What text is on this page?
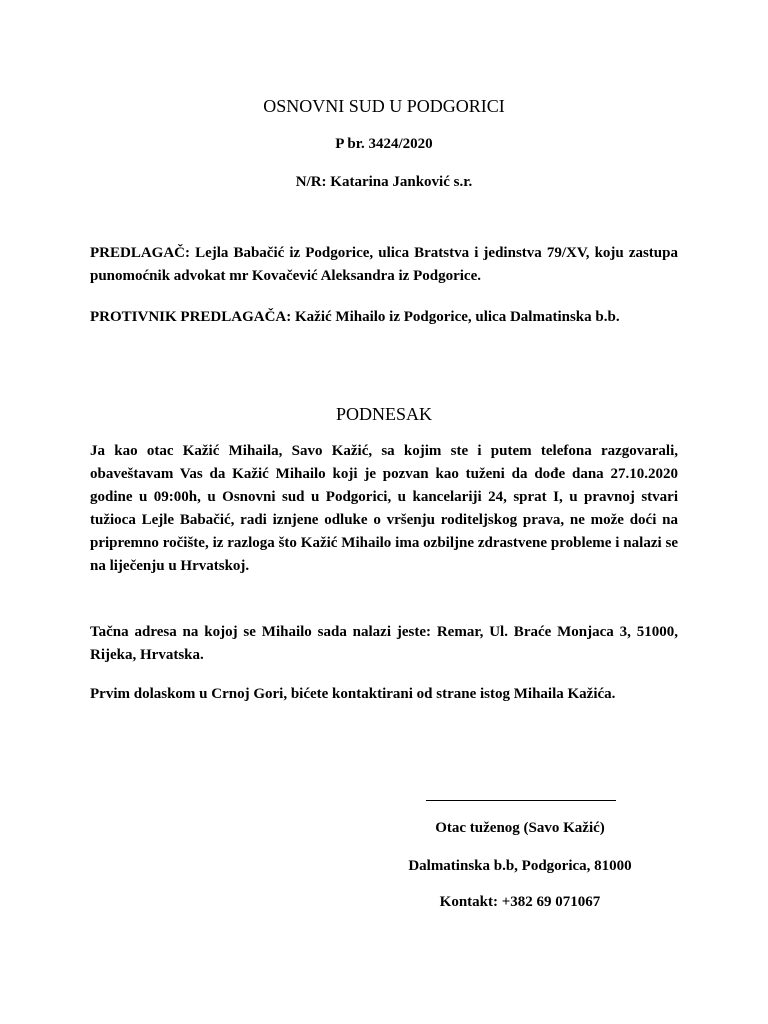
OSNOVNI SUD U PODGORICI

P br. 3424/2020

N/R: Katarina Janković s.r.

PREDLAGAČ: Lejla Babačić iz Podgorice, ulica Bratstva i jedinstva 79/XV, koju zastupa punomoćnik advokat mr Kovačević Aleksandra iz Podgorice.

PROTIVNIK PREDLAGAČA: Kažić Mihailo iz Podgorice, ulica Dalmatinska b.b.

PODNESAK

Ja kao otac Kažić Mihaila, Savo Kažić, sa kojim ste i putem telefona razgovarali, obaveštavam Vas da Kažić Mihailo koji je pozvan kao tuženi da dođe dana 27.10.2020 godine u 09:00h, u Osnovni sud u Podgorici, u kancelariji 24, sprat I, u pravnoj stvari tužioca Lejle Babačić, radi iznjene odluke o vršenju roditeljskog prava, ne može doći na pripremno ročište, iz razloga što Kažić Mihailo ima ozbiljne zdrastvene probleme i nalazi se na liječenju u Hrvatskoj.

Tačna adresa na kojoj se Mihailo sada nalazi jeste: Remar, Ul. Braće Monjaca 3, 51000, Rijeka, Hrvatska.

Prvim dolaskom u Crnoj Gori, bićete kontaktirani od strane istog Mihaila Kažića.

Otac tuženog (Savo Kažić)

Dalmatinska b.b, Podgorica, 81000

Kontakt: +382 69 071067
